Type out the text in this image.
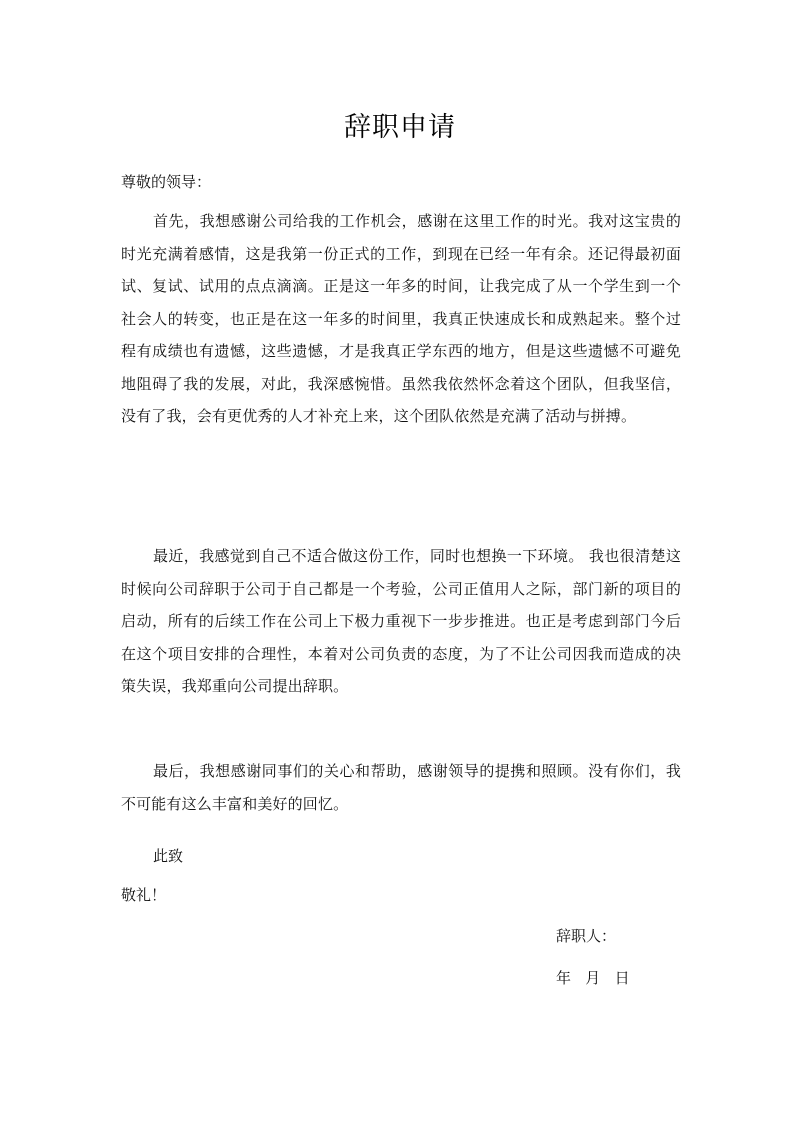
辞职申请
尊敬的领导：

首先，我想感谢公司给我的工作机会，感谢在这里工作的时光。我对这宝贵的时光充满着感情，这是我第一份正式的工作，到现在已经一年有余。还记得最初面试、复试、试用的点点滴滴。正是这一年多的时间，让我完成了从一个学生到一个社会人的转变，也正是在这一年多的时间里，我真正快速成长和成熟起来。整个过程有成绩也有遗憾，这些遗憾，才是我真正学东西的地方，但是这些遗憾不可避免地阻碍了我的发展，对此，我深感惋惜。虽然我依然怀念着这个团队，但我坚信，没有了我，会有更优秀的人才补充上来，这个团队依然是充满了活动与拼搏。

最近，我感觉到自己不适合做这份工作，同时也想换一下环境。 我也很清楚这时候向公司辞职于公司于自己都是一个考验，公司正值用人之际，部门新的项目的启动，所有的后续工作在公司上下极力重视下一步步推进。也正是考虑到部门今后在这个项目安排的合理性，本着对公司负责的态度，为了不让公司因我而造成的决策失误，我郑重向公司提出辞职。

最后，我想感谢同事们的关心和帮助，感谢领导的提携和照顾。没有你们，我不可能有这么丰富和美好的回忆。

此致
敬礼！
辞职人：
年   月   日
